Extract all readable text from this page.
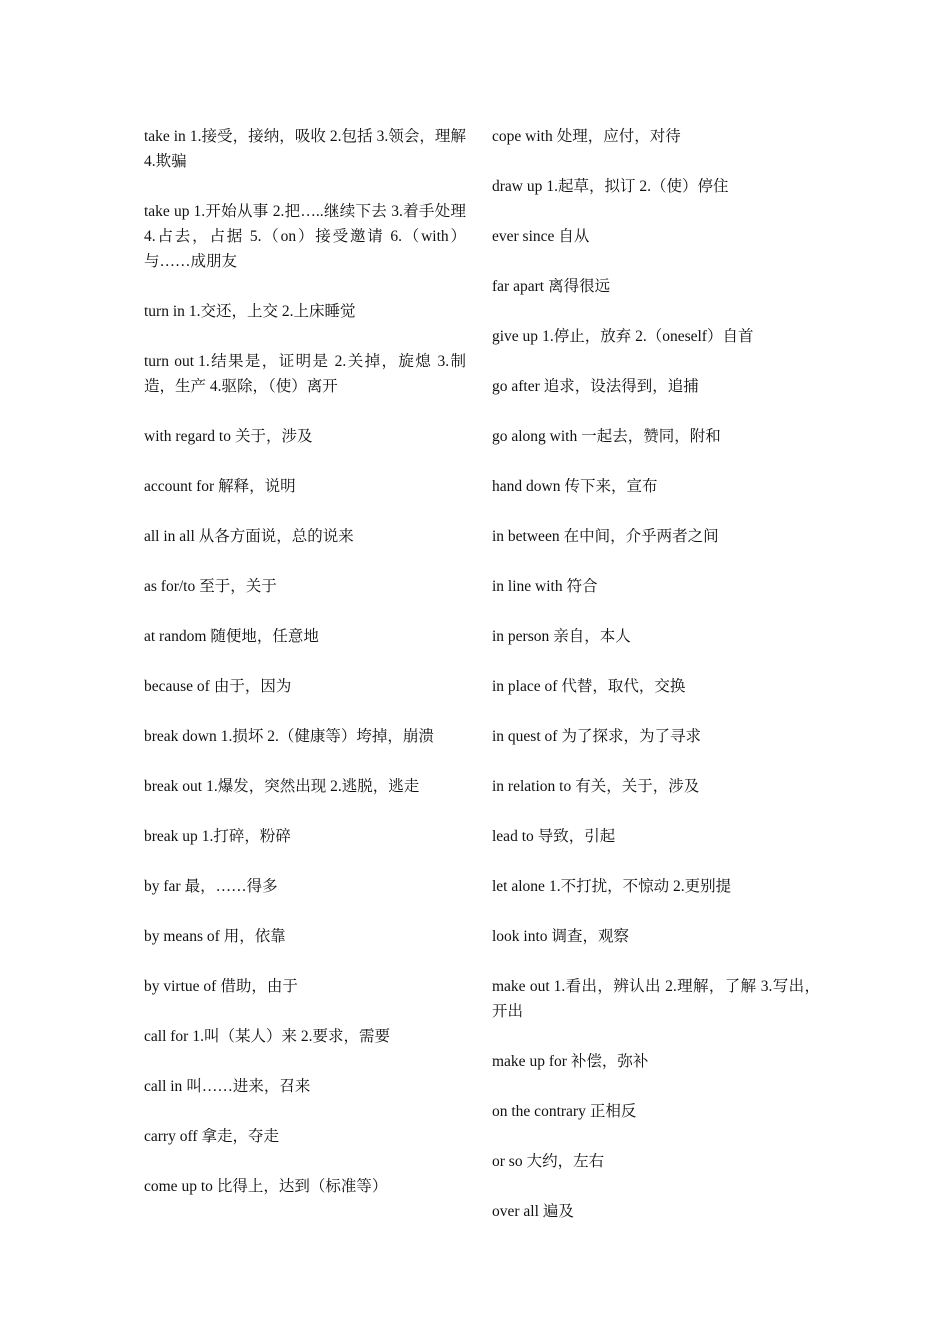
take in 1.接受，接纳，吸收 2.包括 3.领会，理解 4.欺骗
take up 1.开始从事 2.把…..继续下去 3.着手处理 4.占去，占据 5.（on）接受邀请 6.（with）与……成朋友
turn in 1.交还，上交 2.上床睡觉
turn out 1.结果是，证明是 2.关掉，旋熄 3.制造，生产 4.驱除，（使）离开
with regard to 关于，涉及
account for 解释，说明
all in all 从各方面说，总的说来
as for/to 至于，关于
at random 随便地，任意地
because of 由于，因为
break down 1.损坏 2.（健康等）垮掉，崩溃
break out 1.爆发，突然出现 2.逃脱，逃走
break up 1.打碎，粉碎
by far 最，……得多
by means of 用，依靠
by virtue of 借助，由于
call for 1.叫（某人）来 2.要求，需要
call in 叫……进来，召来
carry off 拿走，夺走
come up to 比得上，达到（标准等）
cope with 处理，应付，对待
draw up 1.起草，拟订 2.（使）停住
ever since 自从
far apart 离得很远
give up 1.停止，放弃 2.（oneself）自首
go after 追求，设法得到，追捕
go along with 一起去，赞同，附和
hand down 传下来，宣布
in between 在中间，介乎两者之间
in line with 符合
in person 亲自，本人
in place of 代替，取代，交换
in quest of 为了探求，为了寻求
in relation to 有关，关于，涉及
lead to 导致，引起
let alone 1.不打扰，不惊动 2.更别提
look into 调查，观察
make out 1.看出，辨认出 2.理解，了解 3.写出，开出
make up for 补偿，弥补
on the contrary 正相反
or so 大约，左右
over all 遍及
